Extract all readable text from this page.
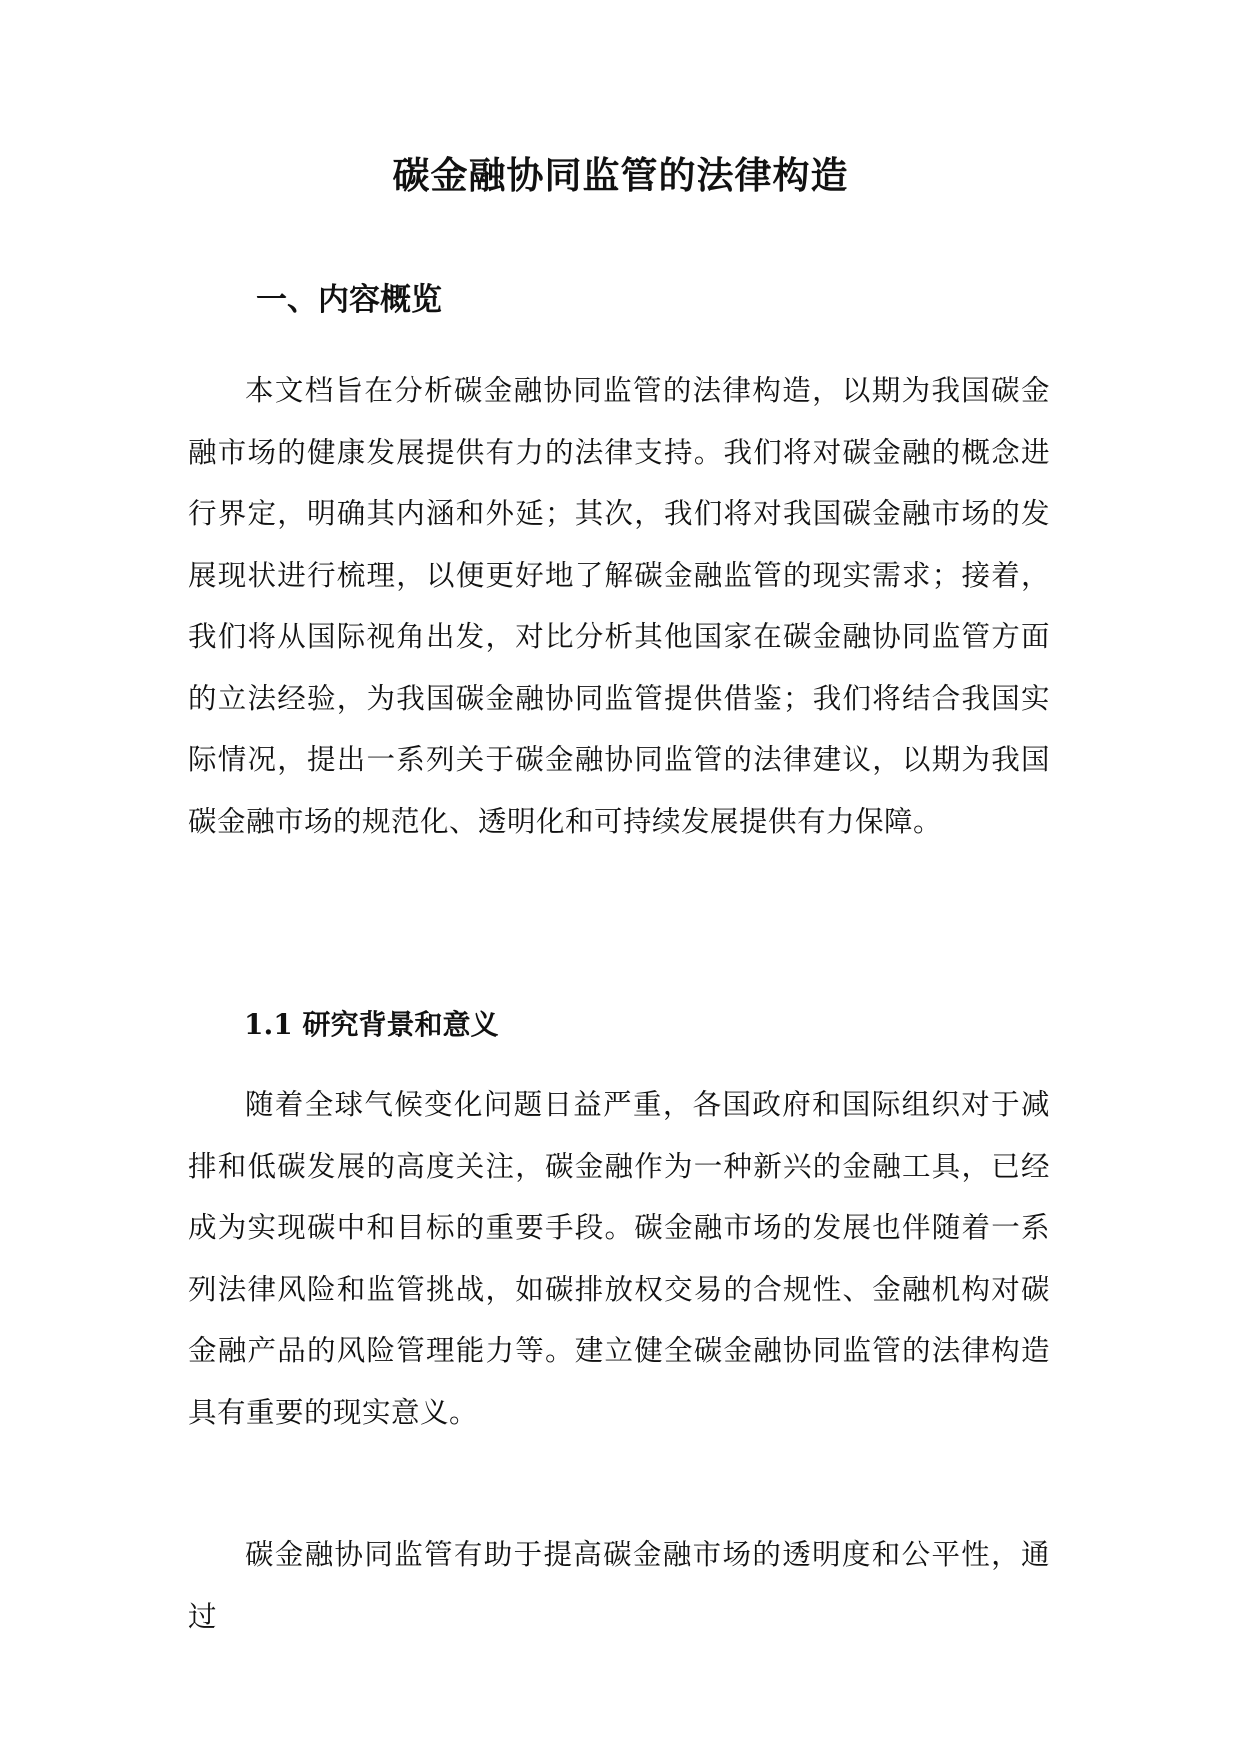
碳金融协同监管的法律构造
一、内容概览

本文档旨在分析碳金融协同监管的法律构造，以期为我国碳金融市场的健康发展提供有力的法律支持。我们将对碳金融的概念进行界定，明确其内涵和外延；其次，我们将对我国碳金融市场的发展现状进行梳理，以便更好地了解碳金融监管的现实需求；接着，我们将从国际视角出发，对比分析其他国家在碳金融协同监管方面的立法经验，为我国碳金融协同监管提供借鉴；我们将结合我国实际情况，提出一系列关于碳金融协同监管的法律建议，以期为我国碳金融市场的规范化、透明化和可持续发展提供有力保障。

1.1 研究背景和意义

随着全球气候变化问题日益严重，各国政府和国际组织对于减排和低碳发展的高度关注，碳金融作为一种新兴的金融工具，已经成为实现碳中和目标的重要手段。碳金融市场的发展也伴随着一系列法律风险和监管挑战，如碳排放权交易的合规性、金融机构对碳金融产品的风险管理能力等。建立健全碳金融协同监管的法律构造具有重要的现实意义。

碳金融协同监管有助于提高碳金融市场的透明度和公平性，通过
